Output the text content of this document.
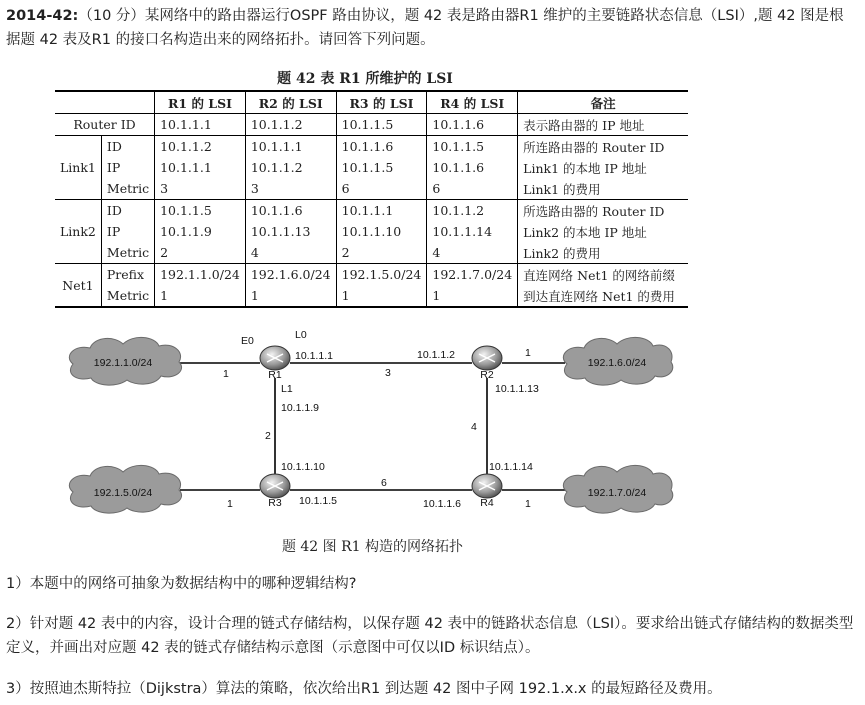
2014-42:（10 分）某网络中的路由器运行OSPF 路由协议，题 42 表是路由器R1 维护的主要链路状态信息（LSI）,题 42 图是根据题 42 表及R1 的接口名构造出来的网络拓扑。请回答下列问题。
题 42 表 R1 所维护的 LSI
		R1 的 LSI	R2 的 LSI	R3 的 LSI	R4 的 LSI	备注
Router ID		10.1.1.1	10.1.1.2	10.1.1.5	10.1.1.6	表示路由器的 IP 地址
Link1	ID	10.1.1.2	10.1.1.1	10.1.1.6	10.1.1.5	所连路由器的 Router ID
	IP	10.1.1.1	10.1.1.2	10.1.1.5	10.1.1.6	Link1 的本地 IP 地址
	Metric	3	3	6	6	Link1 的费用
Link2	ID	10.1.1.5	10.1.1.6	10.1.1.1	10.1.1.2	所选路由器的 Router ID
	IP	10.1.1.9	10.1.1.13	10.1.1.10	10.1.1.14	Link2 的本地 IP 地址
	Metric	2	4	2	4	Link2 的费用
Net1	Prefix	192.1.1.0/24	192.1.6.0/24	192.1.5.0/24	192.1.7.0/24	直连网络 Net1 的网络前缀
	Metric	1	1	1	1	到达直连网络 Net1 的费用
192.1.1.0/24	192.1.6.0/24
192.1.5.0/24	192.1.7.0/24
R1	R2
R3	R4
E0	L0
L1
10.1.1.1	10.1.1.2
10.1.1.9
10.1.1.13
10.1.1.10	10.1.1.14
10.1.1.5	10.1.1.6
3
2
4
6
1
1
1	1
题 42 图 R1 构造的网络拓扑
1）本题中的网络可抽象为数据结构中的哪种逻辑结构?
2）针对题 42 表中的内容，设计合理的链式存储结构，以保存题 42 表中的链路状态信息（LSI）。要求给出链式存储结构的数据类型定义，并画出对应题 42 表的链式存储结构示意图（示意图中可仅以ID 标识结点）。
3）按照迪杰斯特拉（Dijkstra）算法的策略，依次给出R1 到达题 42 图中子网 192.1.x.x 的最短路径及费用。
